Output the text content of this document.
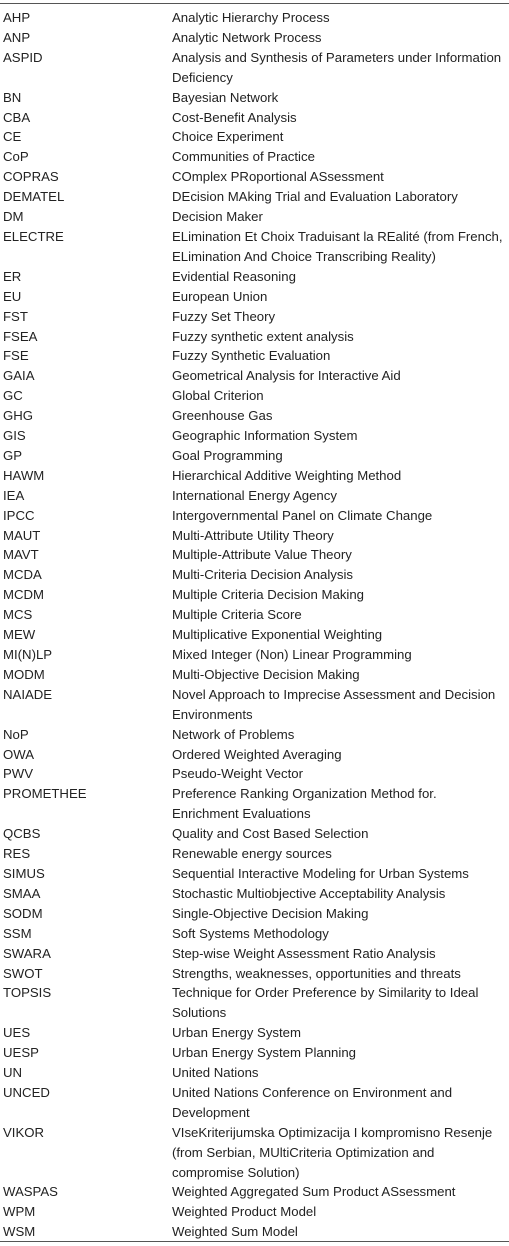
AHP	Analytic Hierarchy Process
ANP	Analytic Network Process
ASPID	Analysis and Synthesis of Parameters under Information Deficiency
BN	Bayesian Network
CBA	Cost-Benefit Analysis
CE	Choice Experiment
CoP	Communities of Practice
COPRAS	COmplex PRoportional ASsessment
DEMATEL	DEcision MAking Trial and Evaluation Laboratory
DM	Decision Maker
ELECTRE	ELimination Et Choix Traduisant la REalité (from French, ELimination And Choice Transcribing Reality)
ER	Evidential Reasoning
EU	European Union
FST	Fuzzy Set Theory
FSEA	Fuzzy synthetic extent analysis
FSE	Fuzzy Synthetic Evaluation
GAIA	Geometrical Analysis for Interactive Aid
GC	Global Criterion
GHG	Greenhouse Gas
GIS	Geographic Information System
GP	Goal Programming
HAWM	Hierarchical Additive Weighting Method
IEA	International Energy Agency
IPCC	Intergovernmental Panel on Climate Change
MAUT	Multi-Attribute Utility Theory
MAVT	Multiple-Attribute Value Theory
MCDA	Multi-Criteria Decision Analysis
MCDM	Multiple Criteria Decision Making
MCS	Multiple Criteria Score
MEW	Multiplicative Exponential Weighting
MI(N)LP	Mixed Integer (Non) Linear Programming
MODM	Multi-Objective Decision Making
NAIADE	Novel Approach to Imprecise Assessment and Decision Environments
NoP	Network of Problems
OWA	Ordered Weighted Averaging
PWV	Pseudo-Weight Vector
PROMETHEE	Preference Ranking Organization Method for. Enrichment Evaluations
QCBS	Quality and Cost Based Selection
RES	Renewable energy sources
SIMUS	Sequential Interactive Modeling for Urban Systems
SMAA	Stochastic Multiobjective Acceptability Analysis
SODM	Single-Objective Decision Making
SSM	Soft Systems Methodology
SWARA	Step-wise Weight Assessment Ratio Analysis
SWOT	Strengths, weaknesses, opportunities and threats
TOPSIS	Technique for Order Preference by Similarity to Ideal Solutions
UES	Urban Energy System
UESP	Urban Energy System Planning
UN	United Nations
UNCED	United Nations Conference on Environment and Development
VIKOR	VIseKriterijumska Optimizacija I kompromisno Resenje (from Serbian, MUltiCriteria Optimization and compromise Solution)
WASPAS	Weighted Aggregated Sum Product ASsessment
WPM	Weighted Product Model
WSM	Weighted Sum Model
